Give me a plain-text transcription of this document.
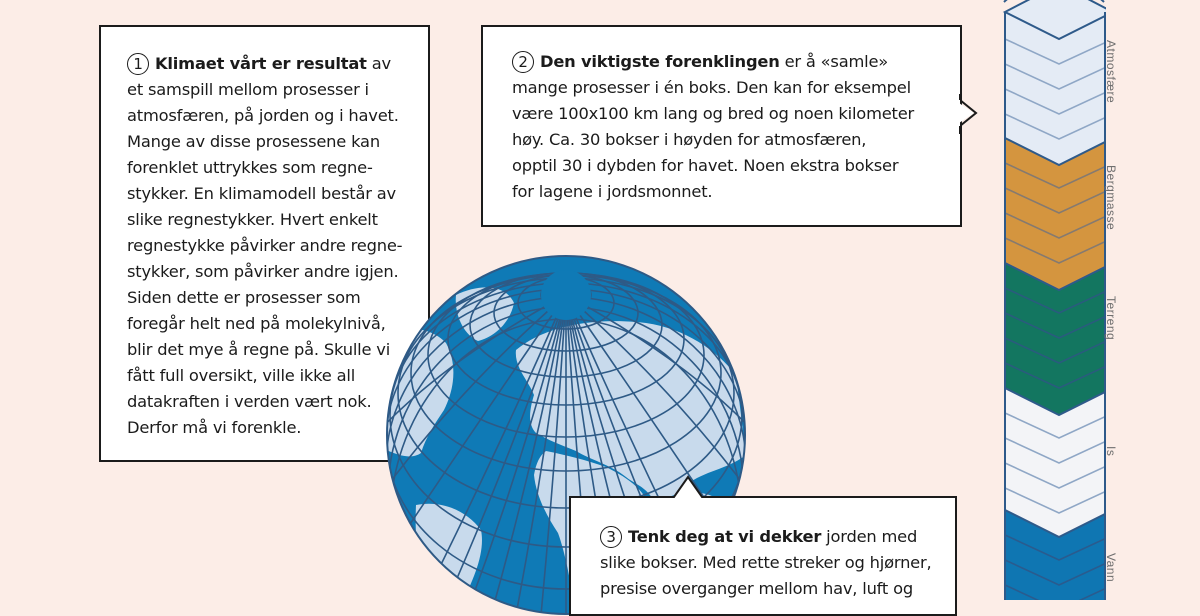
1 Klimaet vårt er resultat av
et samspill mellom prosesser i
atmosfæren, på jorden og i havet.
Mange av disse prosessene kan
forenklet uttrykkes som regne-
stykker. En klimamodell består av
slike regnestykker. Hvert enkelt
regnestykke påvirker andre regne-
stykker, som påvirker andre igjen.
Siden dette er prosesser som
foregår helt ned på molekylnivå,
blir det mye å regne på. Skulle vi
fått full oversikt, ville ikke all
datakraften i verden vært nok.
Derfor må vi forenkle.

2 Den viktigste forenklingen er å «samle»
mange prosesser i én boks. Den kan for eksempel
være 100x100 km lang og bred og noen kilometer
høy. Ca. 30 bokser i høyden for atmosfæren,
opptil 30 i dybden for havet. Noen ekstra bokser
for lagene i jordsmonnet.

3 Tenk deg at vi dekker jorden med
slike bokser. Med rette streker og hjørner,
presise overganger mellom hav, luft og

Atmosfære
Bergmasse
Terreng
Is
Vann
